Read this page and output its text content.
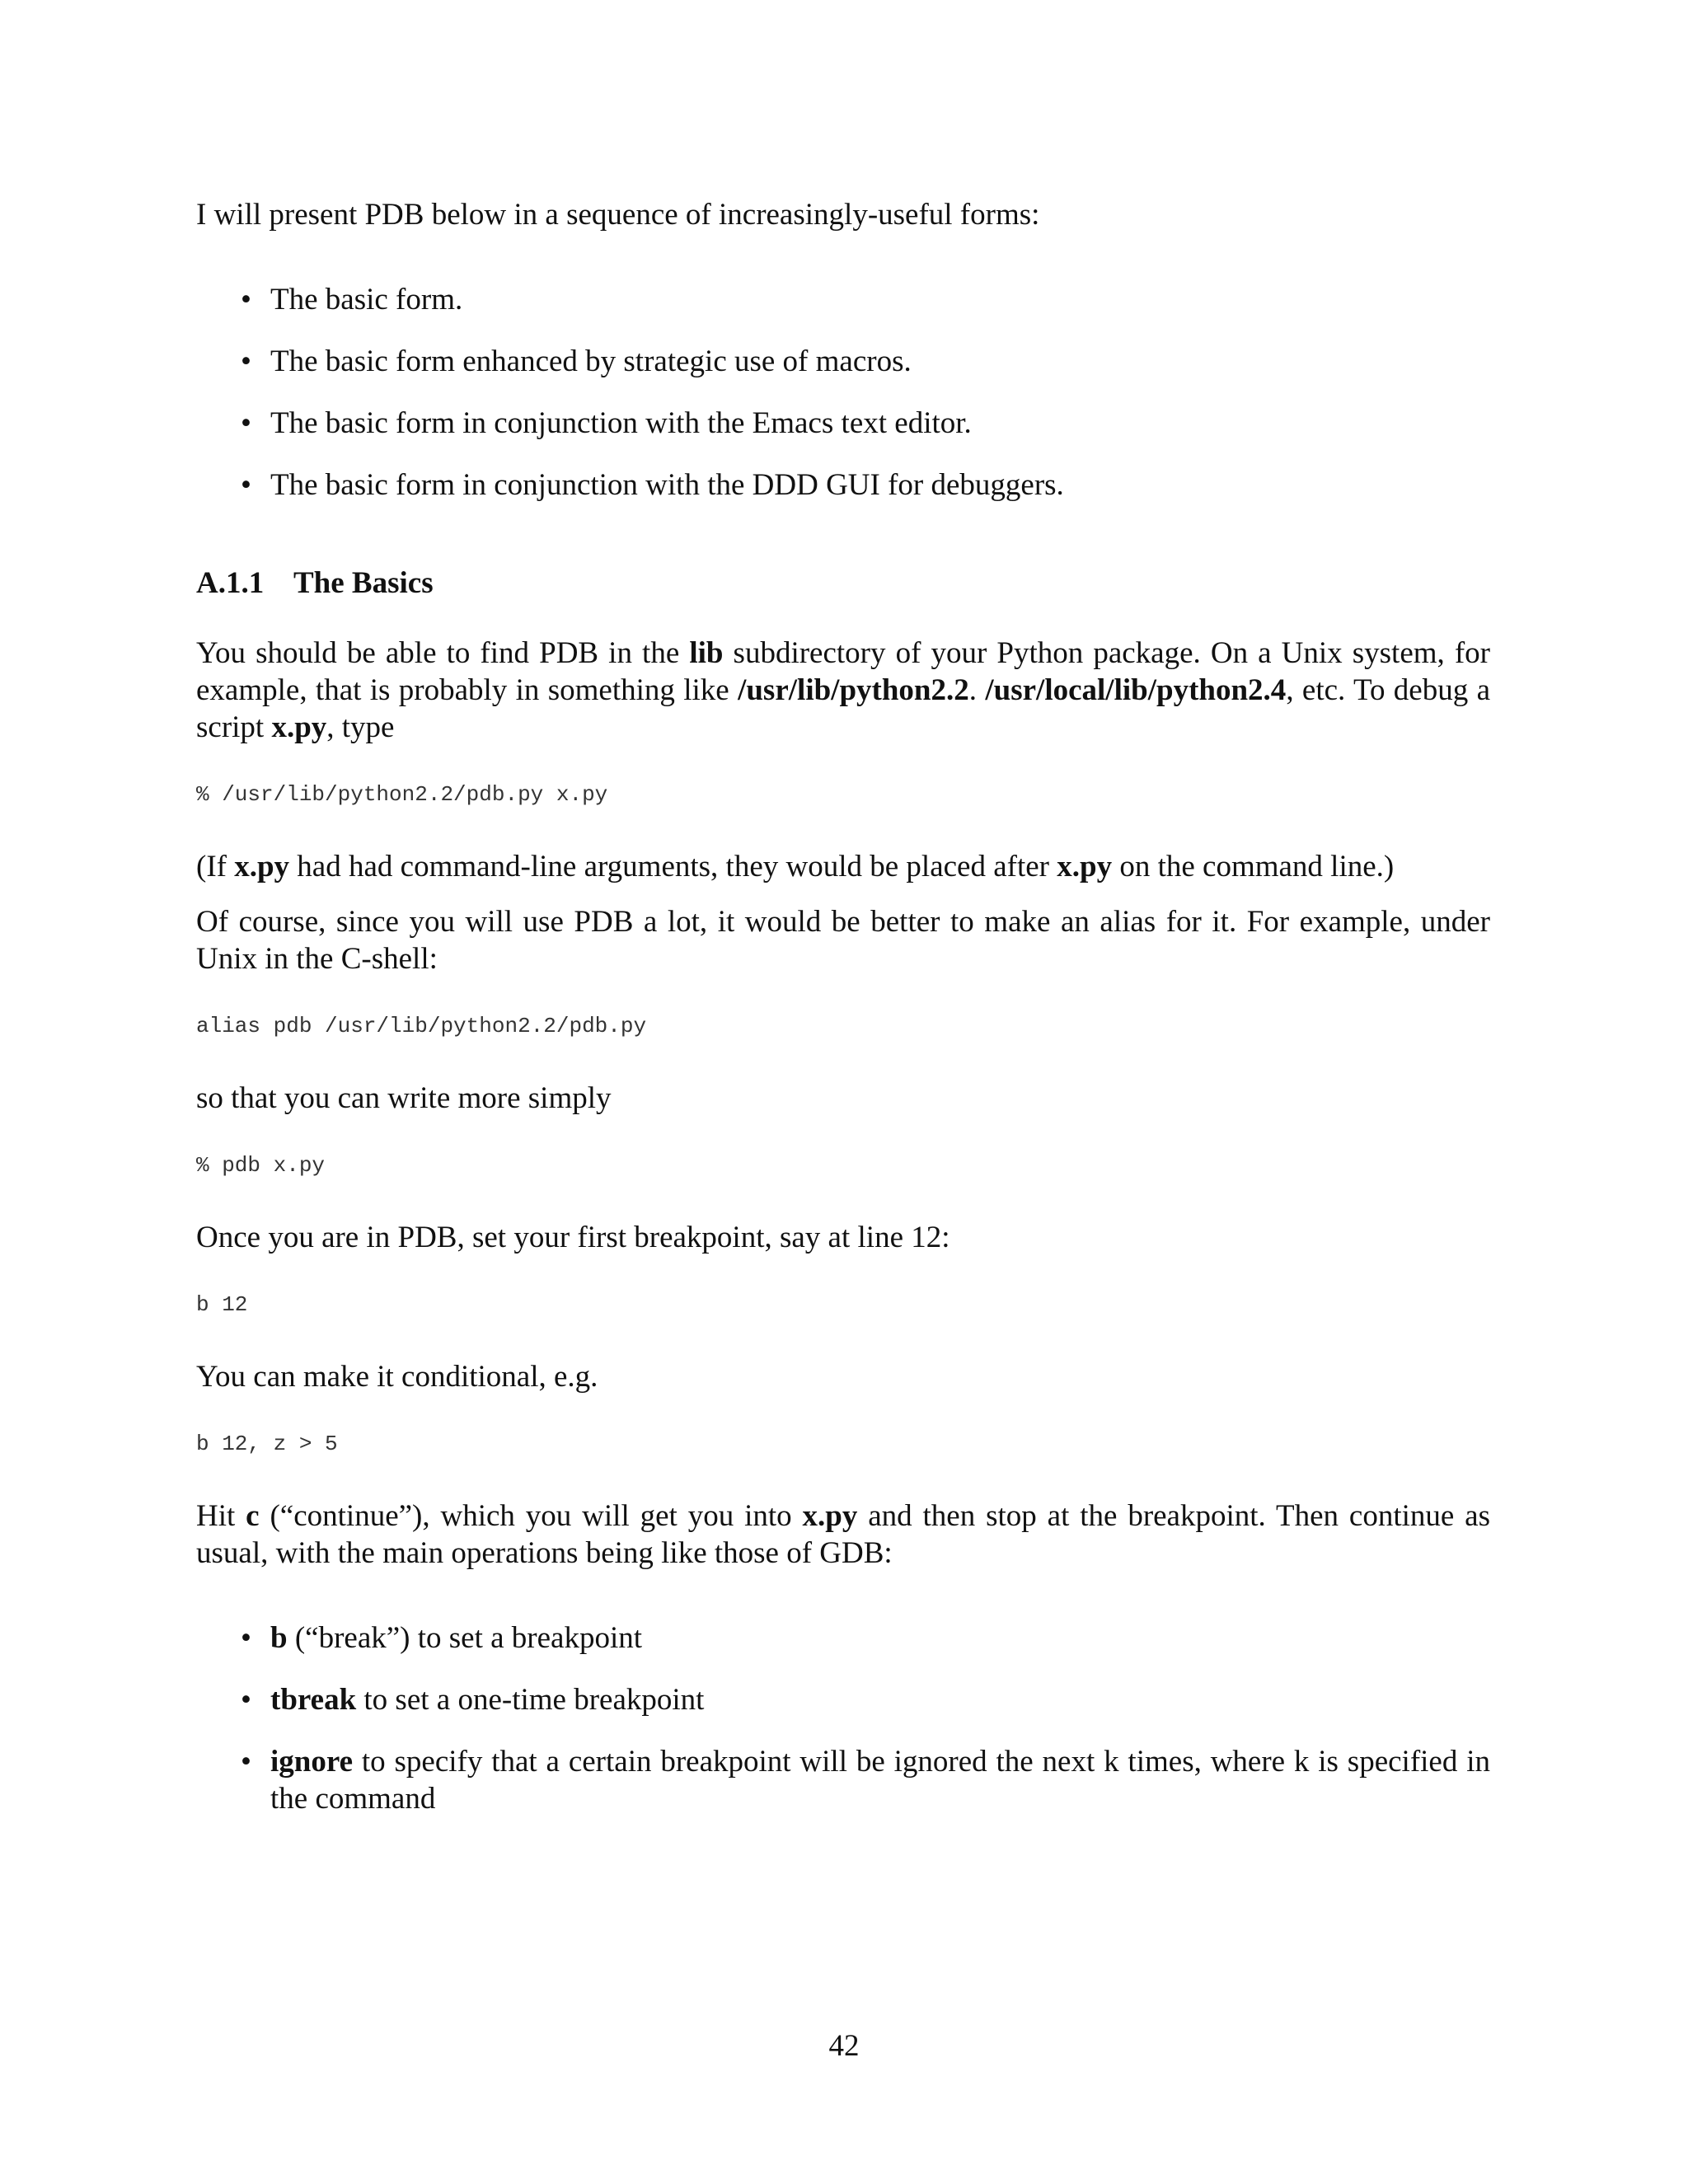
I will present PDB below in a sequence of increasingly-useful forms:

• The basic form.
• The basic form enhanced by strategic use of macros.
• The basic form in conjunction with the Emacs text editor.
• The basic form in conjunction with the DDD GUI for debuggers.
A.1.1 The Basics

You should be able to find PDB in the lib subdirectory of your Python package. On a Unix system, for example, that is probably in something like /usr/lib/python2.2. /usr/local/lib/python2.4, etc. To debug a script x.py, type

% /usr/lib/python2.2/pdb.py x.py

(If x.py had had command-line arguments, they would be placed after x.py on the command line.)

Of course, since you will use PDB a lot, it would be better to make an alias for it. For example, under Unix in the C-shell:

alias pdb /usr/lib/python2.2/pdb.py

so that you can write more simply

% pdb x.py

Once you are in PDB, set your first breakpoint, say at line 12:

b 12

You can make it conditional, e.g.

b 12, z > 5

Hit c (“continue”), which you will get you into x.py and then stop at the breakpoint. Then continue as usual, with the main operations being like those of GDB:

• b (“break”) to set a breakpoint
• tbreak to set a one-time breakpoint
• ignore to specify that a certain breakpoint will be ignored the next k times, where k is specified in the command
42
